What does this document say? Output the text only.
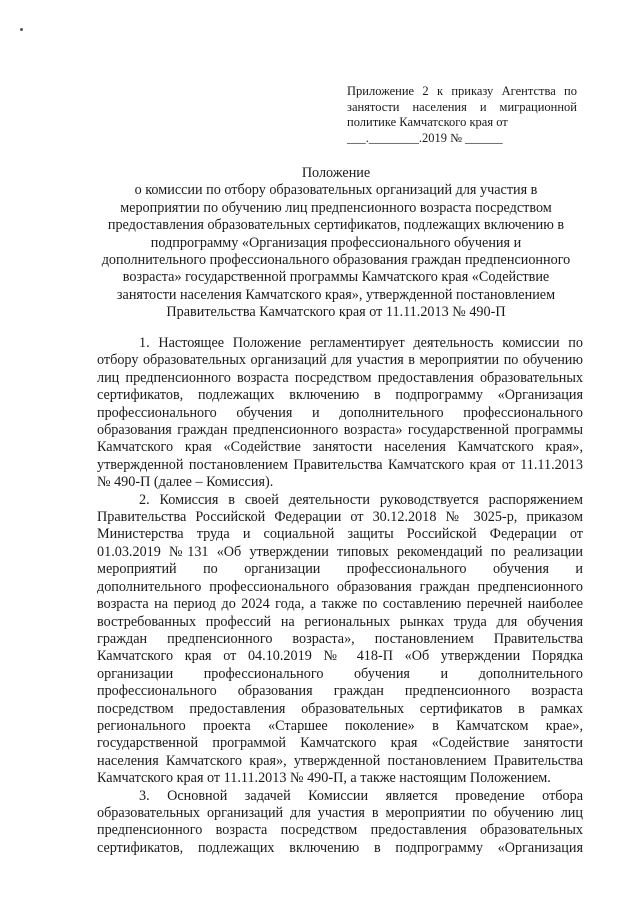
Приложение 2 к приказу Агентства по
занятости населения и миграционной
политике Камчатского края от
___.________.2019 № ______
Положение
о комиссии по отбору образовательных организаций для участия в
мероприятии по обучению лиц предпенсионного возраста посредством
предоставления образовательных сертификатов, подлежащих включению в
подпрограмму «Организация профессионального обучения и
дополнительного профессионального образования граждан предпенсионного
возраста» государственной программы Камчатского края «Содействие
занятости населения Камчатского края», утвержденной постановлением
Правительства Камчатского края от 11.11.2013 № 490-П
1. Настоящее Положение регламентирует деятельность комиссии по
отбору образовательных организаций для участия в мероприятии по обучению
лиц предпенсионного возраста посредством предоставления образовательных
сертификатов, подлежащих включению в подпрограмму «Организация
профессионального обучения и дополнительного профессионального
образования граждан предпенсионного возраста» государственной программы
Камчатского края «Содействие занятости населения Камчатского края»,
утвержденной постановлением Правительства Камчатского края от 11.11.2013
№ 490-П (далее – Комиссия).
2. Комиссия в своей деятельности руководствуется распоряжением
Правительства Российской Федерации от 30.12.2018 № 3025-р, приказом
Министерства труда и социальной защиты Российской Федерации от
01.03.2019 №131 «Об утверждении типовых рекомендаций по реализации
мероприятий по организации профессионального обучения и
дополнительного профессионального образования граждан предпенсионного
возраста на период до 2024 года, а также по составлению перечней наиболее
востребованных профессий на региональных рынках труда для обучения
граждан предпенсионного возраста», постановлением Правительства
Камчатского края от 04.10.2019 № 418-П «Об утверждении Порядка
организации профессионального обучения и дополнительного
профессионального образования граждан предпенсионного возраста
посредством предоставления образовательных сертификатов в рамках
регионального проекта «Старшее поколение» в Камчатском крае»,
государственной программой Камчатского края «Содействие занятости
населения Камчатского края», утвержденной постановлением Правительства
Камчатского края от 11.11.2013 № 490-П, а также настоящим Положением.
3. Основной задачей Комиссии является проведение отбора
образовательных организаций для участия в мероприятии по обучению лиц
предпенсионного возраста посредством предоставления образовательных
сертификатов, подлежащих включению в подпрограмму «Организация
